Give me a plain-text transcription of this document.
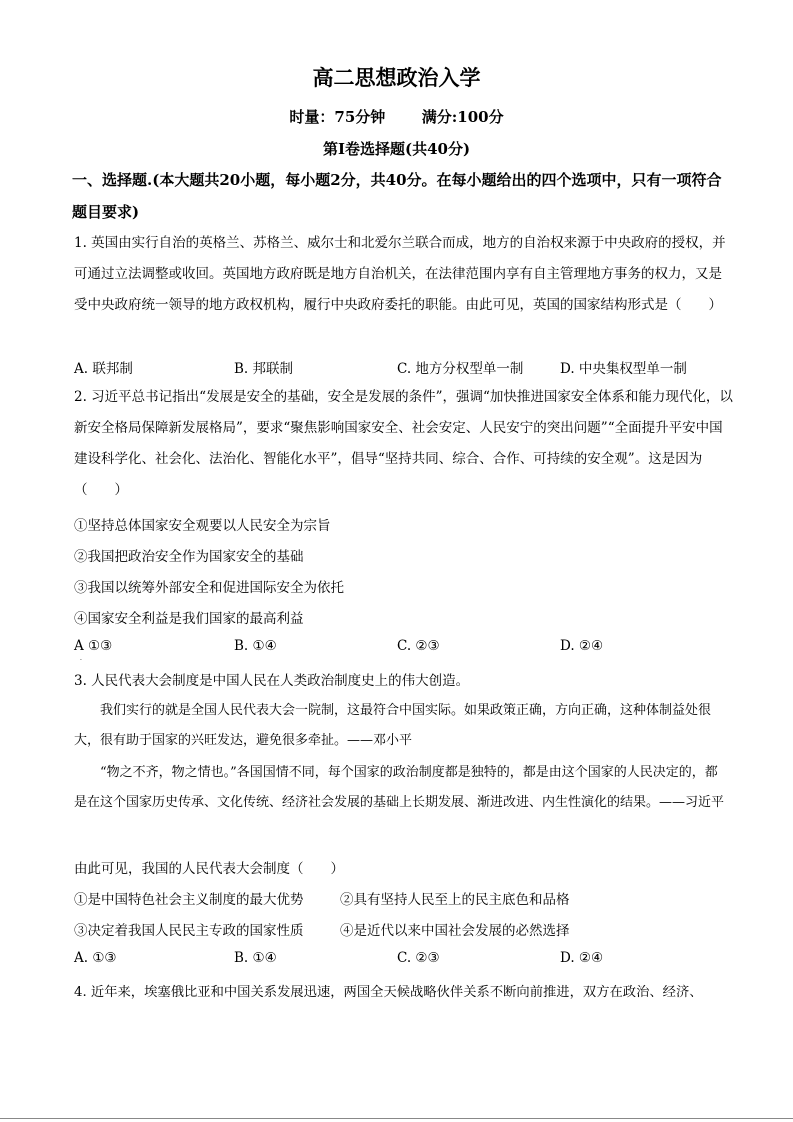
高二思想政治入学
时量：75分钟 满分:100分
第Ⅰ卷选择题(共40分)
一、选择题.(本大题共20小题，每小题2分，共40分。在每小题给出的四个选项中，只有一项符合题目要求)
1. 英国由实行自治的英格兰、苏格兰、威尔士和北爱尔兰联合而成，地方的自治权来源于中央政府的授权，并可通过立法调整或收回。英国地方政府既是地方自治机关，在法律范围内享有自主管理地方事务的权力，又是受中央政府统一领导的地方政权机构，履行中央政府委托的职能。由此可见，英国的国家结构形式是（　　）
A. 联邦制	B. 邦联制	C. 地方分权型单一制	D. 中央集权型单一制
2. 习近平总书记指出“发展是安全的基础，安全是发展的条件”，强调“加快推进国家安全体系和能力现代化，以新安全格局保障新发展格局”，要求“聚焦影响国家安全、社会安定、人民安宁的突出问题”“全面提升平安中国建设科学化、社会化、法治化、智能化水平”，倡导“坚持共同、综合、合作、可持续的安全观”。这是因为（　　）
①坚持总体国家安全观要以人民安全为宗旨
②我国把政治安全作为国家安全的基础
③我国以统筹外部安全和促进国际安全为依托
④国家安全利益是我们国家的最高利益
A ①③
.
B. ①④	C. ②③	D. ②④
3. 人民代表大会制度是中国人民在人类政治制度史上的伟大创造。
我们实行的就是全国人民代表大会一院制，这最符合中国实际。如果政策正确，方向正确，这种体制益处很大，很有助于国家的兴旺发达，避免很多牵扯。——邓小平
“物之不齐，物之情也。”各国国情不同，每个国家的政治制度都是独特的，都是由这个国家的人民决定的，都是在这个国家历史传承、文化传统、经济社会发展的基础上长期发展、渐进改进、内生性演化的结果。——习近平
由此可见，我国的人民代表大会制度（　　）
①是中国特色社会主义制度的最大优势	②具有坚持人民至上的民主底色和品格
③决定着我国人民民主专政的国家性质	④是近代以来中国社会发展的必然选择
A. ①③	B. ①④	C. ②③	D. ②④
4. 近年来，埃塞俄比亚和中国关系发展迅速，两国全天候战略伙伴关系不断向前推进，双方在政治、经济、
